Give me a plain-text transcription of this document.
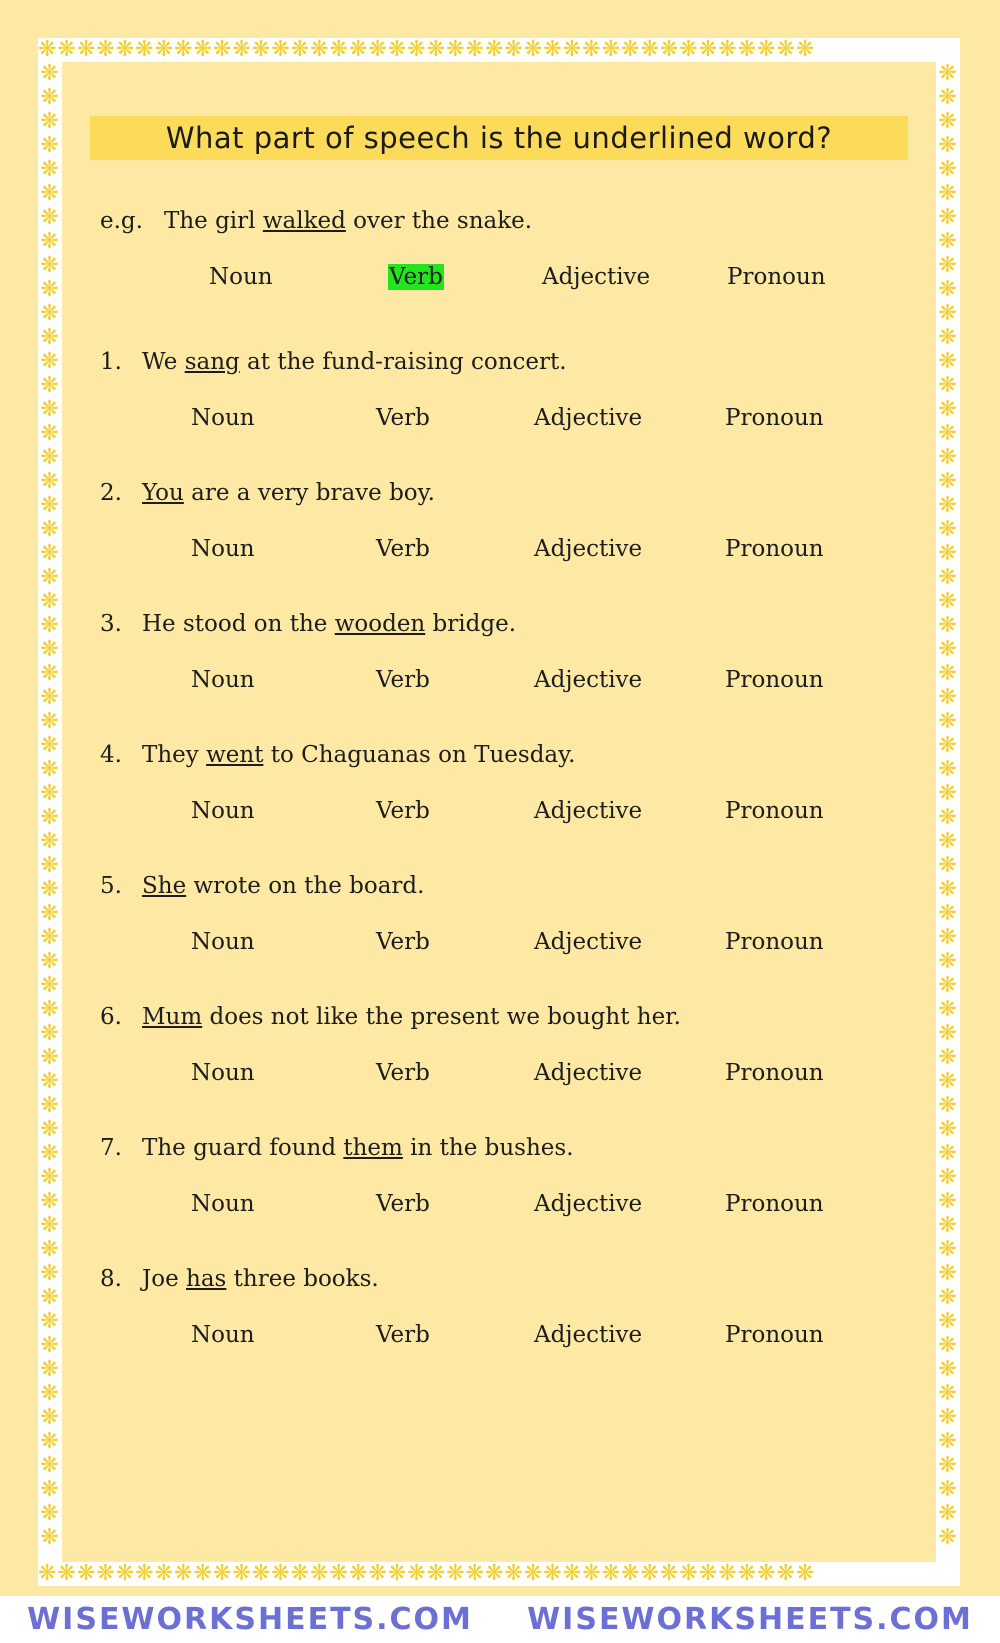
❋❋❋❋❋❋❋❋❋❋❋❋❋❋❋❋❋❋❋❋❋❋❋❋❋❋❋❋❋❋❋❋❋❋❋❋❋❋❋❋
❋❋❋❋❋❋❋❋❋❋❋❋❋❋❋❋❋❋❋❋❋❋❋❋❋❋❋❋❋❋❋❋❋❋❋❋❋❋❋❋
❋❋❋❋❋❋❋❋❋❋❋❋❋❋❋❋❋❋❋❋❋❋❋❋❋❋❋❋❋❋❋❋❋❋❋❋❋❋❋❋❋❋❋❋❋❋❋❋❋❋❋❋❋❋❋❋❋❋❋❋❋❋
❋❋❋❋❋❋❋❋❋❋❋❋❋❋❋❋❋❋❋❋❋❋❋❋❋❋❋❋❋❋❋❋❋❋❋❋❋❋❋❋❋❋❋❋❋❋❋❋❋❋❋❋❋❋❋❋❋❋❋❋❋❋
What part of speech is the underlined word?
e.g. The girl walked over the snake.
Noun	Verb	Adjective	Pronoun
1. We sang at the fund-raising concert.
Noun	Verb	Adjective	Pronoun
2. You are a very brave boy.
Noun	Verb	Adjective	Pronoun
3. He stood on the wooden bridge.
Noun	Verb	Adjective	Pronoun
4. They went to Chaguanas on Tuesday.
Noun	Verb	Adjective	Pronoun
5. She wrote on the board.
Noun	Verb	Adjective	Pronoun
6. Mum does not like the present we bought her.
Noun	Verb	Adjective	Pronoun
7. The guard found them in the bushes.
Noun	Verb	Adjective	Pronoun
8. Joe has three books.
Noun	Verb	Adjective	Pronoun
WISEWORKSHEETS.COM WISEWORKSHEETS.COM
